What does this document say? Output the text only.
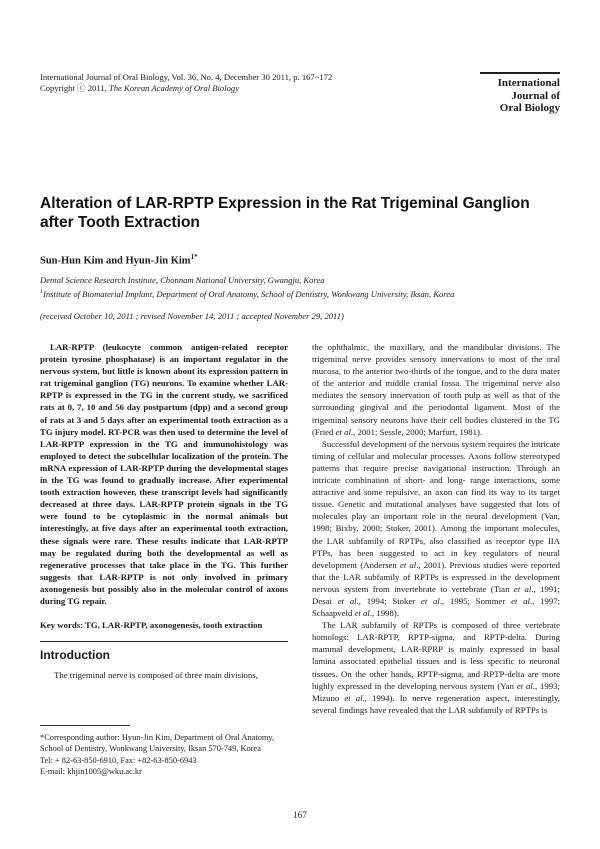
International Journal of Oral Biology, Vol. 36, No. 4, December 30 2011, p. 167~172
Copyright ⓒ 2011, The Korean Academy of Oral Biology	International
Journal of
Oral Biology
Alteration of LAR-RPTP Expression in the Rat Trigeminal Ganglion after Tooth Extraction
Sun-Hun Kim and Hyun-Jin Kim$^{1*}$
Dental Science Research Institute, Chonnam National University, Gwangju, Korea
$^1$Institute of Biomaterial Implant, Department of Oral Anatomy, School of Dentistry, Wonkwang University, Iksan, Korea
(received October 10, 2011 ; revised November 14, 2011 ; accepted November 29, 2011)

LAR-RPTP (leukocyte common antigen-related receptor protein tyrosine phosphatase) is an important regulator in the nervous system, but little is known about its expression pattern in rat trigeminal ganglion (TG) neurons. To examine whether LAR-RPTP is expressed in the TG in the current study, we sacrificed rats at 0, 7, 10 and 56 day postpartum (dpp) and a second group of rats at 3 and 5 days after an experimental tooth extraction as a TG injury model. RT-PCR was then used to determine the level of LAR-RPTP expression in the TG and immunohistology was employed to detect the subcellular localization of the protein. The mRNA expression of LAR-RPTP during the developmental stages in the TG was found to gradually increase. After experimental tooth extraction however, these transcript levels had significantly decreased at three days. LAR-RPTP protein signals in the TG were found to be cytoplasmic in the normal animals but interestingly, at five days after an experimental tooth extraction, these signals were rare. These results indicate that LAR-RPTP may be regulated during both the developmental as well as regenerative processes that take place in the TG. This further suggests that LAR-RPTP is not only involved in primary axonogenesis but possibly also in the molecular control of axons during TG repair.

Key words: TG, LAR-RPTP, axonogenesis, tooth extraction

Introduction

The trigeminal nerve is composed of three main divisions,

the ophthalmic, the maxillary, and the mandibular divisions. The trigeminal nerve provides sensory innervations to most of the oral mucosa, to the anterior two-thirds of the tongue, and to the dura mater of the anterior and middle cranial fossa. The trigeminal nerve also mediates the sensory innervation of tooth pulp as well as that of the surrounding gingival and the periodontal ligament. Most of the trigeminal sensory neurons have their cell bodies clustered in the TG (Fried et al., 2001; Sessle, 2000; Marfurt, 1981).

Successful development of the nervous system requires the intricate timing of cellular and molecular processes. Axons follow stereotyped patterns that require precise navigational instruction. Through an intricate combination of short- and long- range interactions, some attractive and some repulsive, an axon can find its way to its target tissue. Genetic and mutational analyses have suggested that lots of molecules play an important role in the neural development (Van, 1998; Bixby, 2000; Stoker, 2001). Among the important molecules, the LAR subfamily of RPTPs, also classified as receptor type IIA PTPs, has been suggested to act in key regulators of neural development (Andersen et al., 2001). Previous studies were reported that the LAR subfamily of RPTPs is expressed in the development nervous system from invertebrate to vertebrate (Tian et al., 1991; Desai et al., 1994; Stoker et al., 1995; Sommer et al., 1997; Schaapveld et al., 1998).

The LAR subfamily of RPTPs is composed of three vertebrate homologs: LAR-RPTP, RPTP-sigma, and RPTP-delta. During mammal development, LAR-RPRP is mainly expressed in basal lamina associated epithelial tissues and is less specific to neuronal tissues. On the other hands, RPTP-sigma, and RPTP-delta are more highly expressed in the developing nervous system (Yan et al., 1993; Mizuno et al., 1994). In nerve regeneration aspect, interestingly, several findings have revealed that the LAR subfamily of RPTPs is

*Corresponding author: Hyun-Jin Kim, Department of Oral Anatomy, School of Dentistry, Wonkwang University, Iksan 570-749, Korea
Tel: + 82-63-850-6910, Fax: +82-63-850-6943
E-mail: khjin1005@wku.ac.kr
167
